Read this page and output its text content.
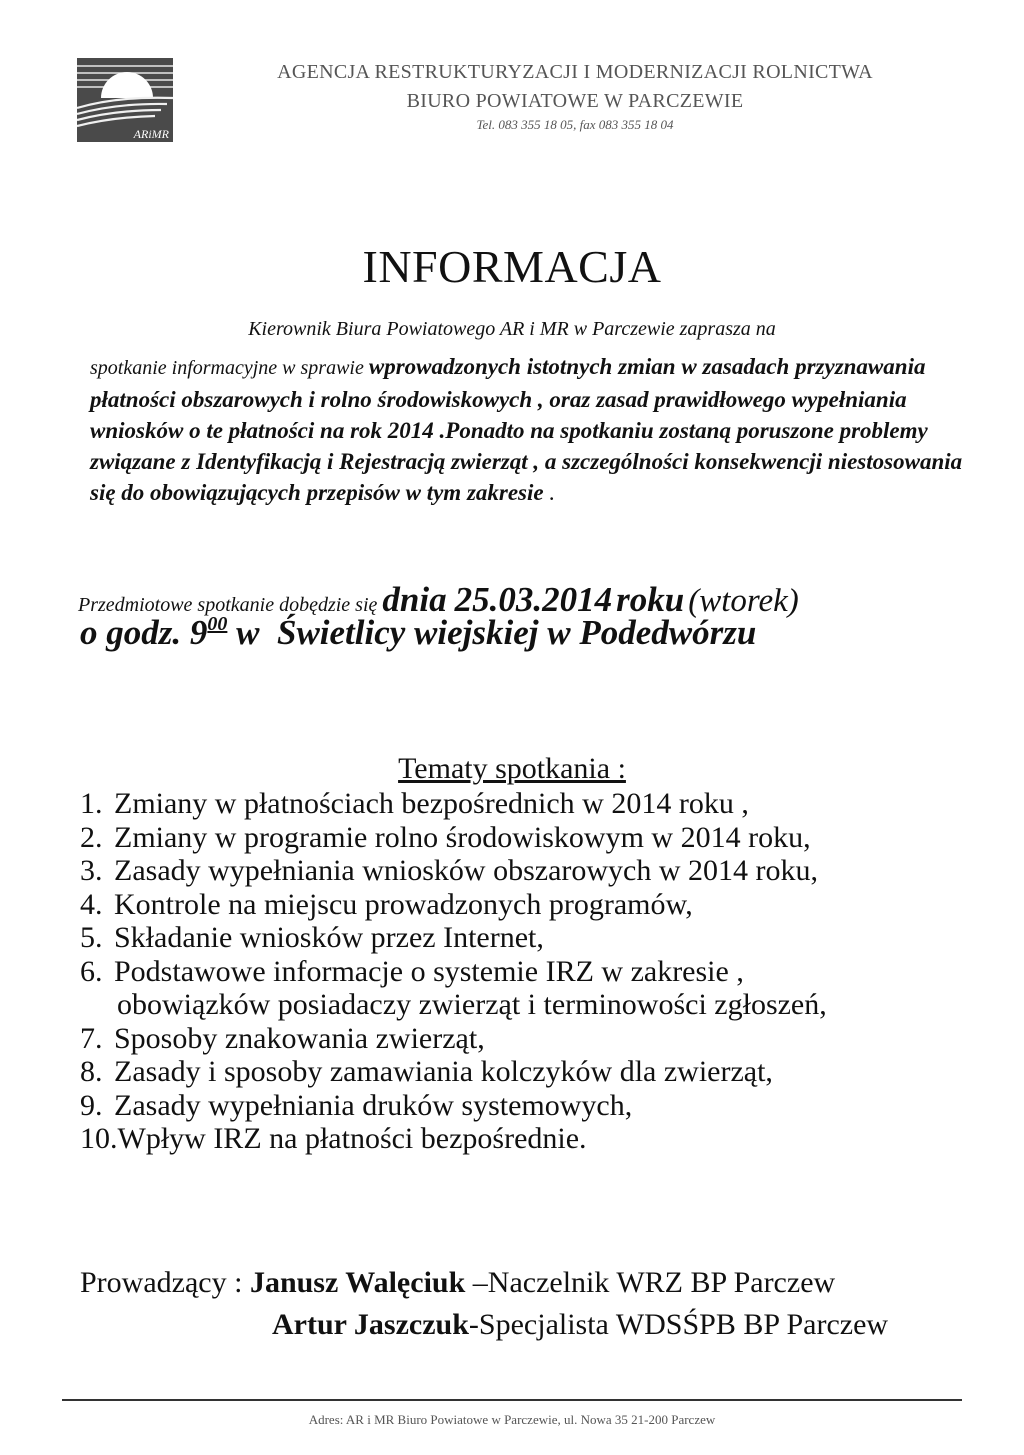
ARiMR
AGENCJA RESTRUKTURYZACJI I MODERNIZACJI ROLNICTWA
BIURO POWIATOWE W PARCZEWIE
Tel. 083 355 18 05, fax 083 355 18 04
INFORMACJA
Kierownik Biura Powiatowego AR i MR w Parczewie zaprasza na
spotkanie informacyjne w sprawie wprowadzonych istotnych zmian w zasadach przyznawania płatności obszarowych i rolno środowiskowych , oraz zasad prawidłowego wypełniania wniosków o te płatności na rok 2014 .Ponadto na spotkaniu zostaną poruszone problemy związane z Identyfikacją i Rejestracją zwierząt , a szczególności konsekwencji niestosowania się do obowiązujących przepisów w tym zakresie .
Przedmiotowe spotkanie dobędzie się dnia 25.03.2014 roku (wtorek)
o godz. $9^{00}$ w  Świetlicy wiejskiej w Podedwórzu
Tematy spotkania :
1. Zmiany w płatnościach bezpośrednich w 2014 roku ,
2. Zmiany w programie rolno środowiskowym w 2014 roku,
3. Zasady wypełniania wniosków obszarowych w 2014 roku,
4. Kontrole na miejscu prowadzonych programów,
5. Składanie wniosków przez Internet,
6. Podstawowe informacje o systemie IRZ w zakresie ,
obowiązków posiadaczy zwierząt i terminowości zgłoszeń,
7. Sposoby znakowania zwierząt,
8. Zasady i sposoby zamawiania kolczyków dla zwierząt,
9. Zasady wypełniania druków systemowych,
10.Wpływ IRZ na płatności bezpośrednie.
Prowadzący : Janusz Walęciuk –Naczelnik WRZ BP Parczew
Artur Jaszczuk-Specjalista WDSŚPB BP Parczew
Adres: AR i MR Biuro Powiatowe w Parczewie, ul. Nowa 35 21-200 Parczew
